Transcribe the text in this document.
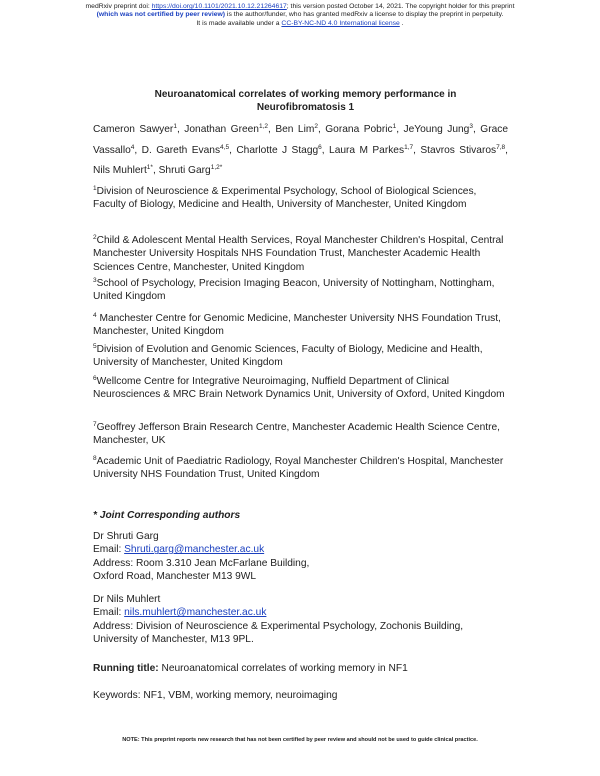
medRxiv preprint doi: https://doi.org/10.1101/2021.10.12.21264617; this version posted October 14, 2021. The copyright holder for this preprint
(which was not certified by peer review) is the author/funder, who has granted medRxiv a license to display the preprint in perpetuity.
It is made available under a CC-BY-NC-ND 4.0 International license .
Neuroanatomical correlates of working memory performance in
Neurofibromatosis 1
Cameron Sawyer$^1$, Jonathan Green$^{1,2}$, Ben Lim$^2$, Gorana Pobric$^1$, JeYoung Jung$^3$, Grace Vassallo$^4$, D. Gareth Evans$^{4,5}$, Charlotte J Stagg$^6$, Laura M Parkes$^{1,7}$, Stavros Stivaros$^{7,8}$, Nils Muhlert$^{1*}$, Shruti Garg$^{1,2*}$
$^1$Division of Neuroscience & Experimental Psychology, School of Biological Sciences, Faculty of Biology, Medicine and Health, University of Manchester, United Kingdom
$^2$Child & Adolescent Mental Health Services, Royal Manchester Children's Hospital, Central Manchester University Hospitals NHS Foundation Trust, Manchester Academic Health Sciences Centre, Manchester, United Kingdom
$^3$School of Psychology, Precision Imaging Beacon, University of Nottingham, Nottingham, United Kingdom
$^4$ Manchester Centre for Genomic Medicine, Manchester University NHS Foundation Trust, Manchester, United Kingdom
$^5$Division of Evolution and Genomic Sciences, Faculty of Biology, Medicine and Health, University of Manchester, United Kingdom
$^6$Wellcome Centre for Integrative Neuroimaging, Nuffield Department of Clinical Neurosciences & MRC Brain Network Dynamics Unit, University of Oxford, United Kingdom
$^7$Geoffrey Jefferson Brain Research Centre, Manchester Academic Health Science Centre, Manchester, UK
$^8$Academic Unit of Paediatric Radiology, Royal Manchester Children's Hospital, Manchester University NHS Foundation Trust, United Kingdom
* Joint Corresponding authors
Dr Shruti Garg
Email: Shruti.garg@manchester.ac.uk
Address: Room 3.310 Jean McFarlane Building,
Oxford Road, Manchester M13 9WL
Dr Nils Muhlert
Email: nils.muhlert@manchester.ac.uk
Address: Division of Neuroscience & Experimental Psychology, Zochonis Building,
University of Manchester, M13 9PL.
Running title: Neuroanatomical correlates of working memory in NF1
Keywords: NF1, VBM, working memory, neuroimaging
NOTE: This preprint reports new research that has not been certified by peer review and should not be used to guide clinical practice.
